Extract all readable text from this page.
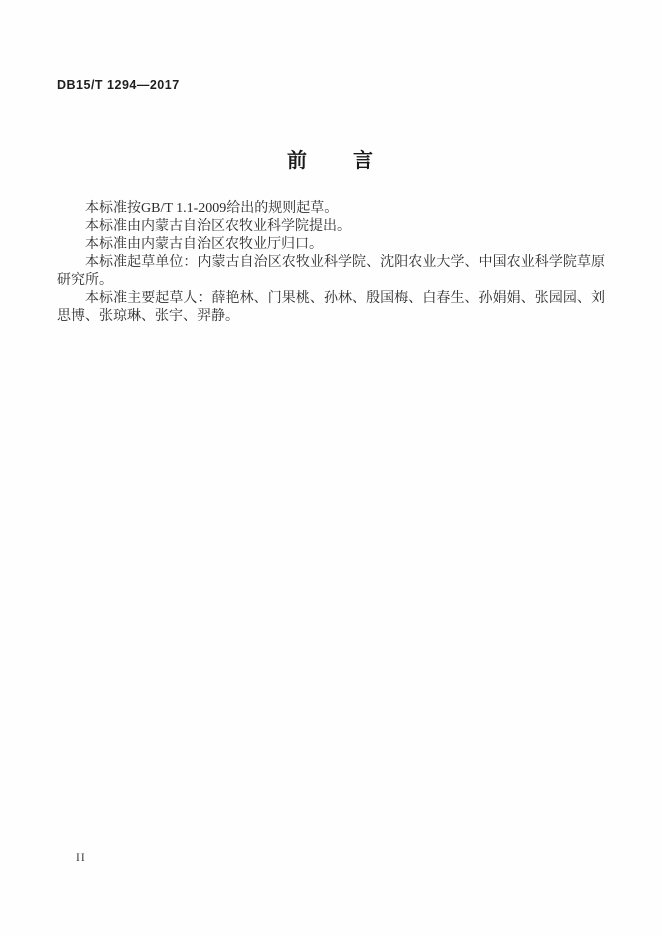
DB15/T 1294—2017
前　　言

本标准按GB/T 1.1-2009给出的规则起草。

本标准由内蒙古自治区农牧业科学院提出。

本标准由内蒙古自治区农牧业厅归口。

本标准起草单位：内蒙古自治区农牧业科学院、沈阳农业大学、中国农业科学院草原研究所。

本标准主要起草人：薛艳林、门果桃、孙林、殷国梅、白春生、孙娟娟、张园园、刘思博、张琼琳、张宇、羿静。

II
